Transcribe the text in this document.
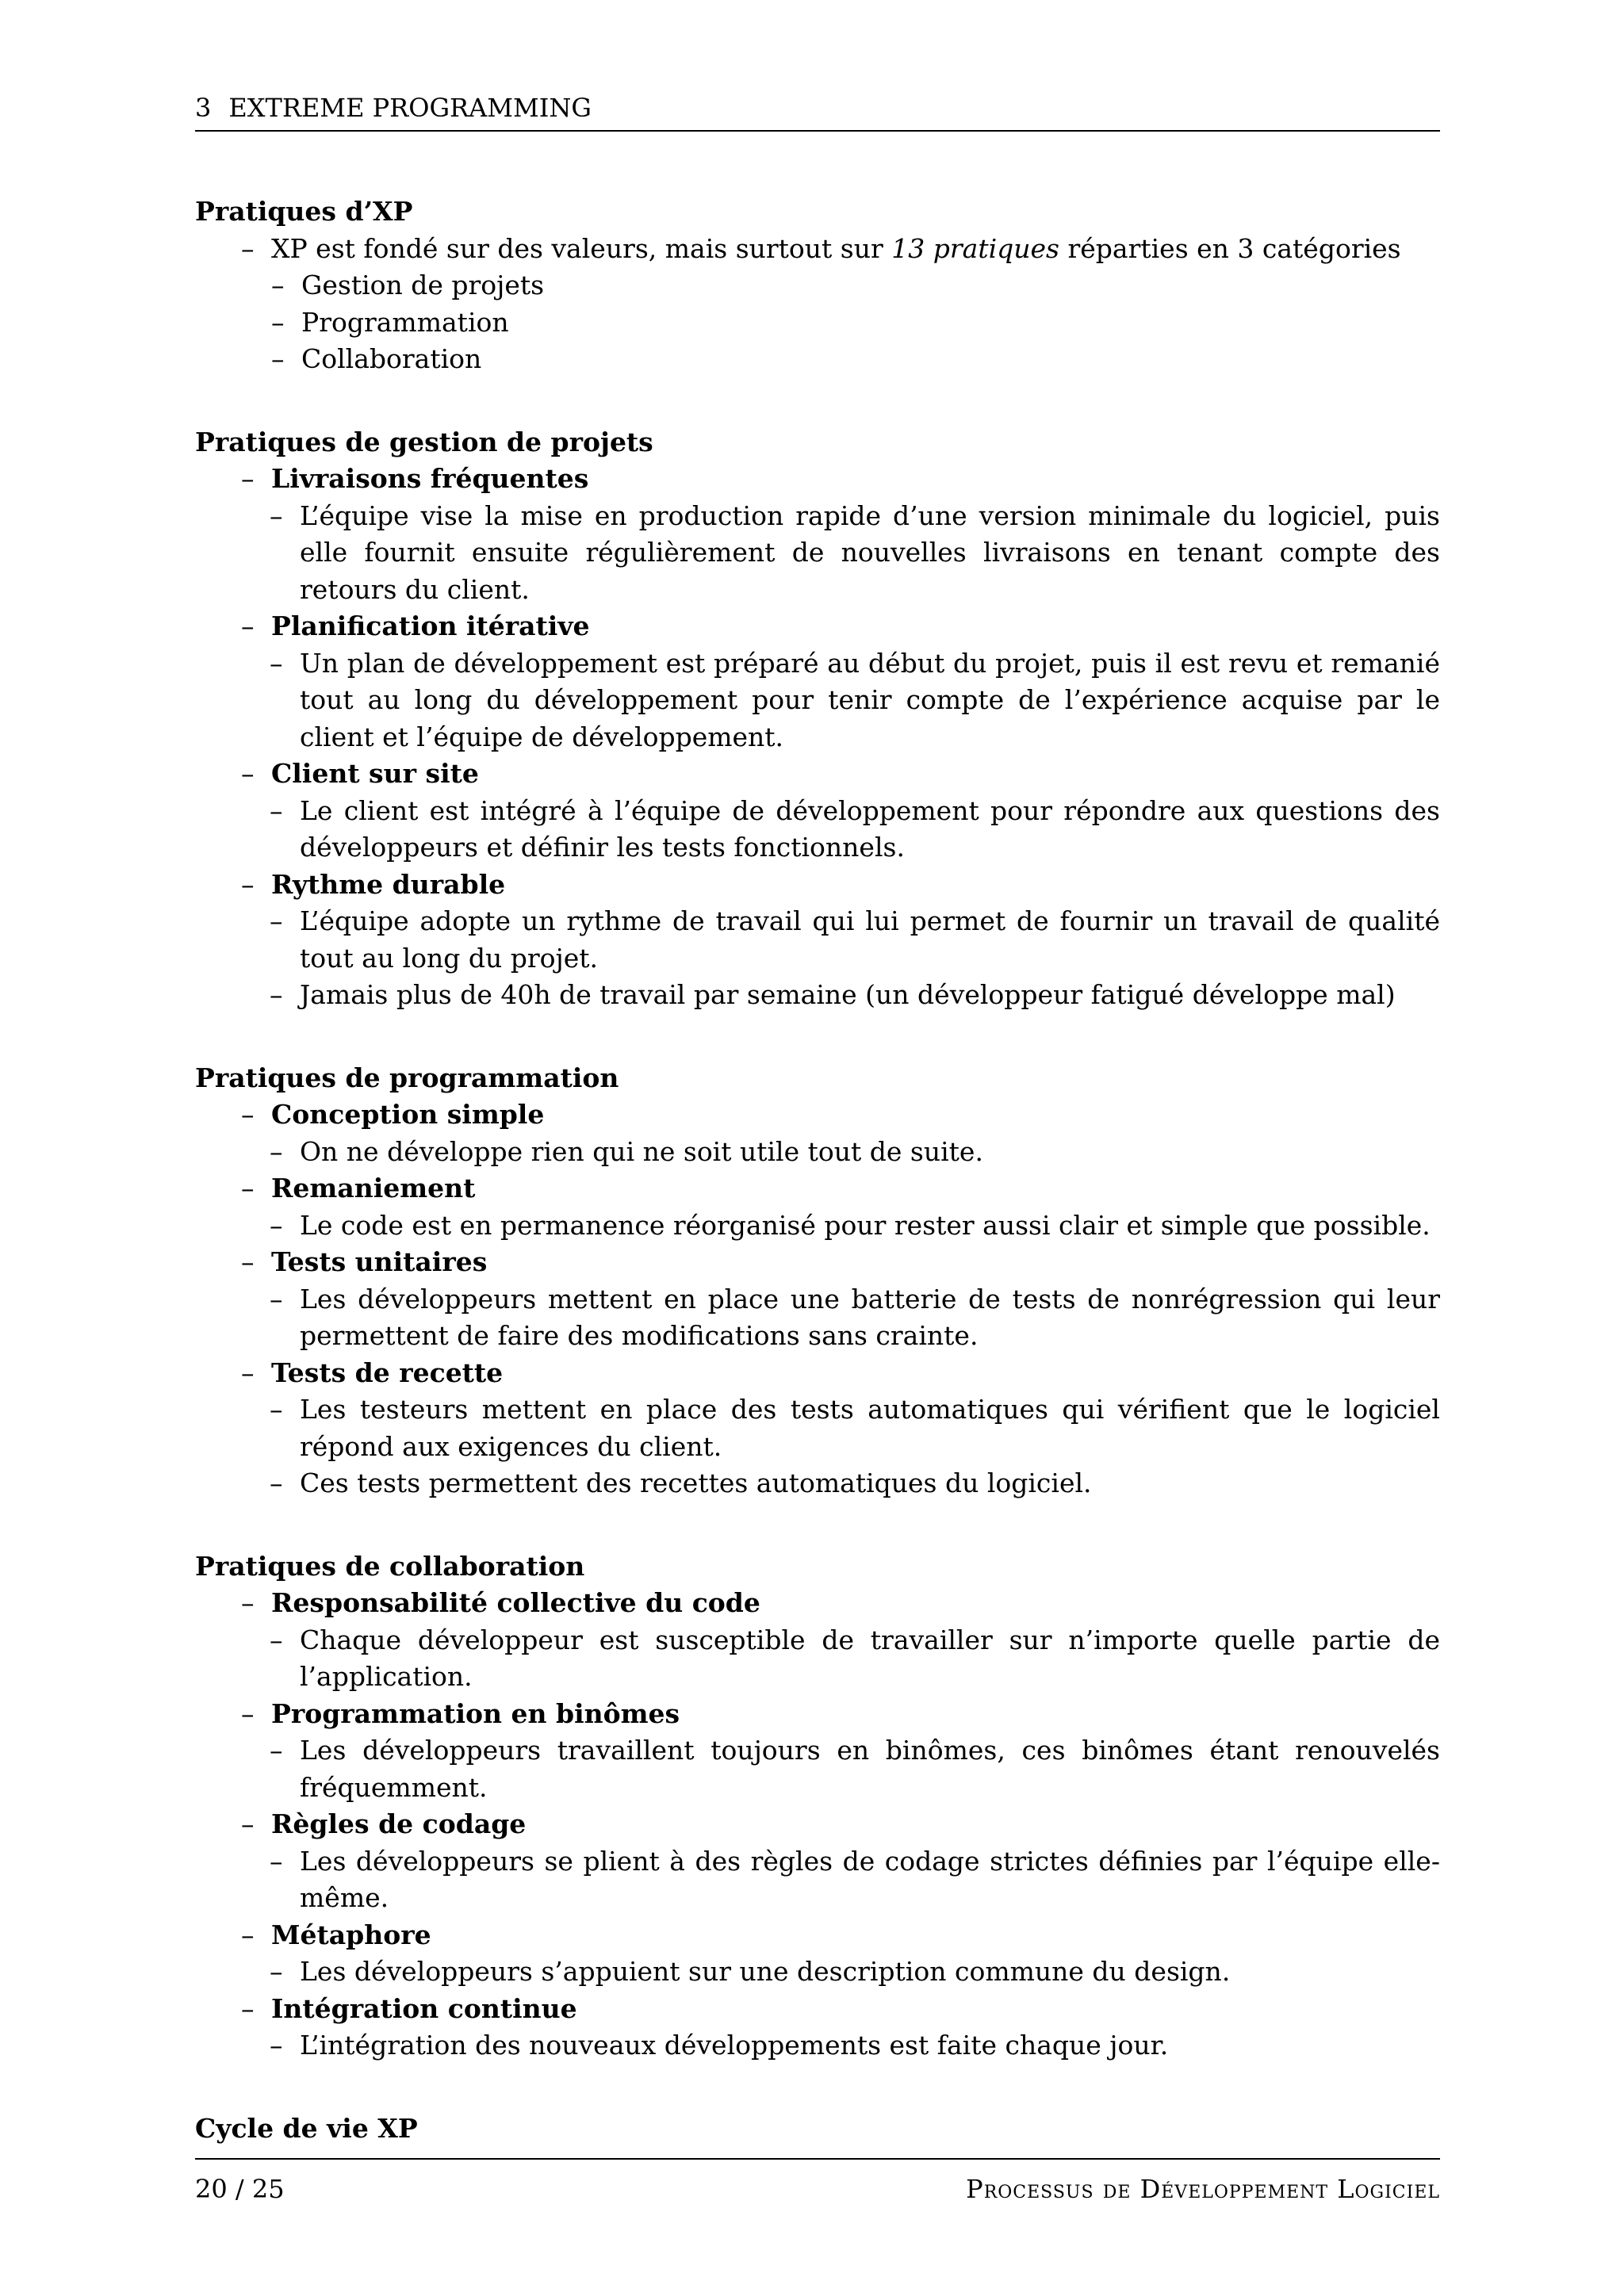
3 EXTREME PROGRAMMING
Pratiques d’XP
– XP est fondé sur des valeurs, mais surtout sur 13 pratiques réparties en 3 catégories
– Gestion de projets
– Programmation
– Collaboration
Pratiques de gestion de projets
– Livraisons fréquentes
– L’équipe vise la mise en production rapide d’une version minimale du logiciel, puis elle fournit ensuite régulièrement de nouvelles livraisons en tenant compte des retours du client.
– Planification itérative
– Un plan de développement est préparé au début du projet, puis il est revu et remanié tout au long du développement pour tenir compte de l’expérience acquise par le client et l’équipe de développement.
– Client sur site
– Le client est intégré à l’équipe de développement pour répondre aux questions des développeurs et définir les tests fonctionnels.
– Rythme durable
– L’équipe adopte un rythme de travail qui lui permet de fournir un travail de qualité tout au long du projet.
– Jamais plus de 40h de travail par semaine (un développeur fatigué développe mal)
Pratiques de programmation
– Conception simple
– On ne développe rien qui ne soit utile tout de suite.
– Remaniement
– Le code est en permanence réorganisé pour rester aussi clair et simple que possible.
– Tests unitaires
– Les développeurs mettent en place une batterie de tests de nonrégression qui leur permettent de faire des modifications sans crainte.
– Tests de recette
– Les testeurs mettent en place des tests automatiques qui vérifient que le logiciel répond aux exigences du client.
– Ces tests permettent des recettes automatiques du logiciel.
Pratiques de collaboration
– Responsabilité collective du code
– Chaque développeur est susceptible de travailler sur n’importe quelle partie de l’application.
– Programmation en binômes
– Les développeurs travaillent toujours en binômes, ces binômes étant renouvelés fréquemment.
– Règles de codage
– Les développeurs se plient à des règles de codage strictes définies par l’équipe elle-même.
– Métaphore
– Les développeurs s’appuient sur une description commune du design.
– Intégration continue
– L’intégration des nouveaux développements est faite chaque jour.
Cycle de vie XP
20 / 25	Processus de Développement Logiciel
